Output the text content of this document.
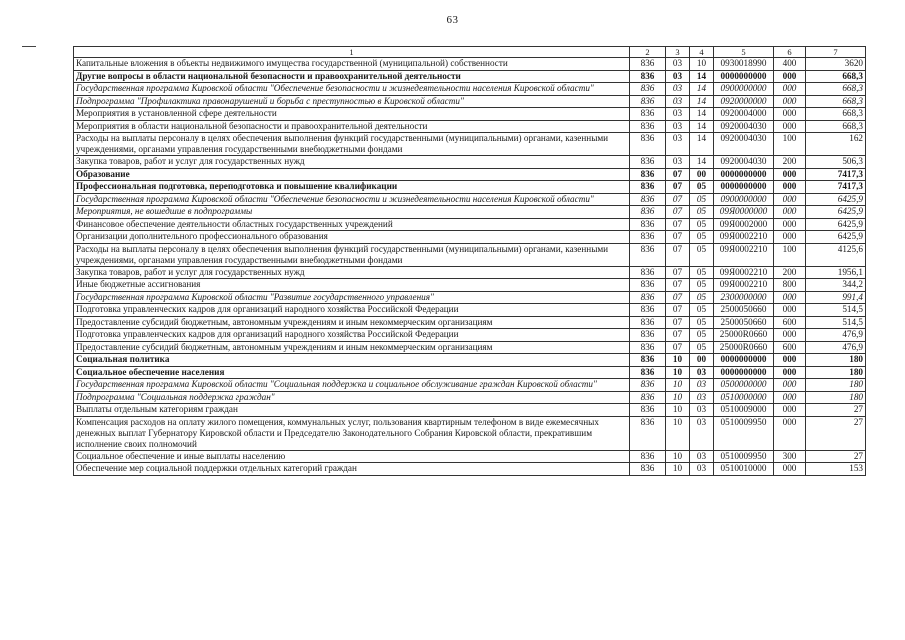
63
1	2	3	4	5	6	7
Капитальные вложения в объекты недвижимого имущества государственной (муниципальной) собственности	836	03	10	0930018990	400	3620
Другие вопросы в области национальной безопасности и правоохранительной деятельности	836	03	14	0000000000	000	668,3
Государственная программа Кировской области "Обеспечение безопасности и жизнедеятельности населения Кировской области"	836	03	14	0900000000	000	668,3
Подпрограмма "Профилактика правонарушений и борьба с преступностью в Кировской области"	836	03	14	0920000000	000	668,3
Мероприятия в установленной сфере деятельности	836	03	14	0920004000	000	668,3
Мероприятия в области национальной безопасности и правоохранительной деятельности	836	03	14	0920004030	000	668,3
Расходы на выплаты персоналу в целях обеспечения выполнения функций государственными (муниципальными) органами, казенными учреждениями, органами управления государственными внебюджетными фондами	836	03	14	0920004030	100	162
Закупка товаров, работ и услуг для государственных нужд	836	03	14	0920004030	200	506,3
Образование	836	07	00	0000000000	000	7417,3
Профессиональная подготовка, переподготовка и повышение квалификации	836	07	05	0000000000	000	7417,3
Государственная программа Кировской области "Обеспечение безопасности и жизнедеятельности населения Кировской области"	836	07	05	0900000000	000	6425,9
Мероприятия, не вошедшие в подпрограммы	836	07	05	09Я0000000	000	6425,9
Финансовое обеспечение деятельности областных государственных учреждений	836	07	05	09Я0002000	000	6425,9
Организации дополнительного профессионального образования	836	07	05	09Я0002210	000	6425,9
Расходы на выплаты персоналу в целях обеспечения выполнения функций государственными (муниципальными) органами, казенными учреждениями, органами управления государственными внебюджетными фондами	836	07	05	09Я0002210	100	4125,6
Закупка товаров, работ и услуг для государственных нужд	836	07	05	09Я0002210	200	1956,1
Иные бюджетные ассигнования	836	07	05	09Я0002210	800	344,2
Государственная программа Кировской области "Развитие государственного управления"	836	07	05	2300000000	000	991,4
Подготовка управленческих кадров для организаций народного хозяйства Российской Федерации	836	07	05	2500050660	000	514,5
Предоставление субсидий бюджетным, автономным учреждениям и иным некоммерческим организациям	836	07	05	2500050660	600	514,5
Подготовка управленческих кадров для организаций народного хозяйства Российской Федерации	836	07	05	25000R0660	000	476,9
Предоставление субсидий бюджетным, автономным учреждениям и иным некоммерческим организациям	836	07	05	25000R0660	600	476,9
Социальная политика	836	10	00	0000000000	000	180
Социальное обеспечение населения	836	10	03	0000000000	000	180
Государственная программа Кировской области "Социальная поддержка и социальное обслуживание граждан Кировской области"	836	10	03	0500000000	000	180
Подпрограмма "Социальная поддержка граждан"	836	10	03	0510000000	000	180
Выплаты отдельным категориям граждан	836	10	03	0510009000	000	27
Компенсация расходов на оплату жилого помещения, коммунальных услуг, пользования квартирным телефоном в виде ежемесячных денежных выплат Губернатору Кировской области и Председателю Законодательного Собрания Кировской области, прекратившим исполнение своих полномочий	836	10	03	0510009950	000	27
Социальное обеспечение и иные выплаты населению	836	10	03	0510009950	300	27
Обеспечение мер социальной поддержки отдельных категорий граждан	836	10	03	0510010000	000	153
